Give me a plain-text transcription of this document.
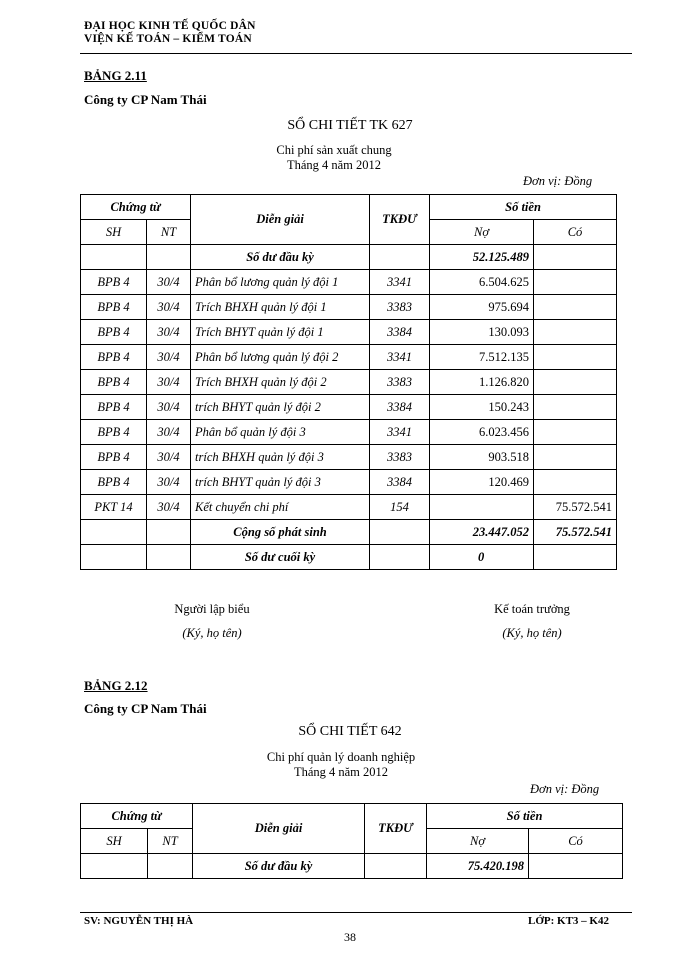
ĐẠI HỌC KINH TẾ QUỐC DÂN
VIỆN KẾ TOÁN – KIỂM TOÁN
BẢNG 2.11
Công ty CP Nam Thái
SỔ CHI TIẾT TK 627
Chi phí sản xuất chung
Tháng 4 năm 2012
Đơn vị: Đồng
Chứng từ		Diễn giải	TKĐƯ	Số tiền	
SH	NT			Nợ	Có
		Số dư đầu kỳ		52.125.489	
BPB 4	30/4	Phân bổ lương quản lý đội 1	3341	6.504.625	
BPB 4	30/4	Trích BHXH quản lý đội 1	3383	975.694	
BPB 4	30/4	Trích BHYT quản lý đội 1	3384	130.093	
BPB 4	30/4	Phân bổ lương quản lý đội 2	3341	7.512.135	
BPB 4	30/4	Trích BHXH quản lý đội 2	3383	1.126.820	
BPB 4	30/4	trích BHYT quản lý đội 2	3384	150.243	
BPB 4	30/4	Phân bổ quản lý đội 3	3341	6.023.456	
BPB 4	30/4	trích BHXH quản lý đội 3	3383	903.518	
BPB 4	30/4	trích BHYT quản lý đội 3	3384	120.469	
PKT 14	30/4	Kết chuyển chi phí	154		75.572.541
		Cộng số phát sinh		23.447.052	75.572.541
		Số dư cuối kỳ		0	
Người lập biểu
(Ký, họ tên)
Kế toán trưởng
(Ký, họ tên)
BẢNG 2.12
Công ty CP Nam Thái
SỔ CHI TIẾT 642
Chi phí quản lý doanh nghiệp
Tháng 4 năm 2012
Đơn vị: Đồng
Chứng từ		Diễn giải	TKĐƯ	Số tiền	
SH	NT			Nợ	Có
		Số dư đầu kỳ		75.420.198	
SV: NGUYỄN THỊ HÀ	LỚP: KT3 – K42
38
